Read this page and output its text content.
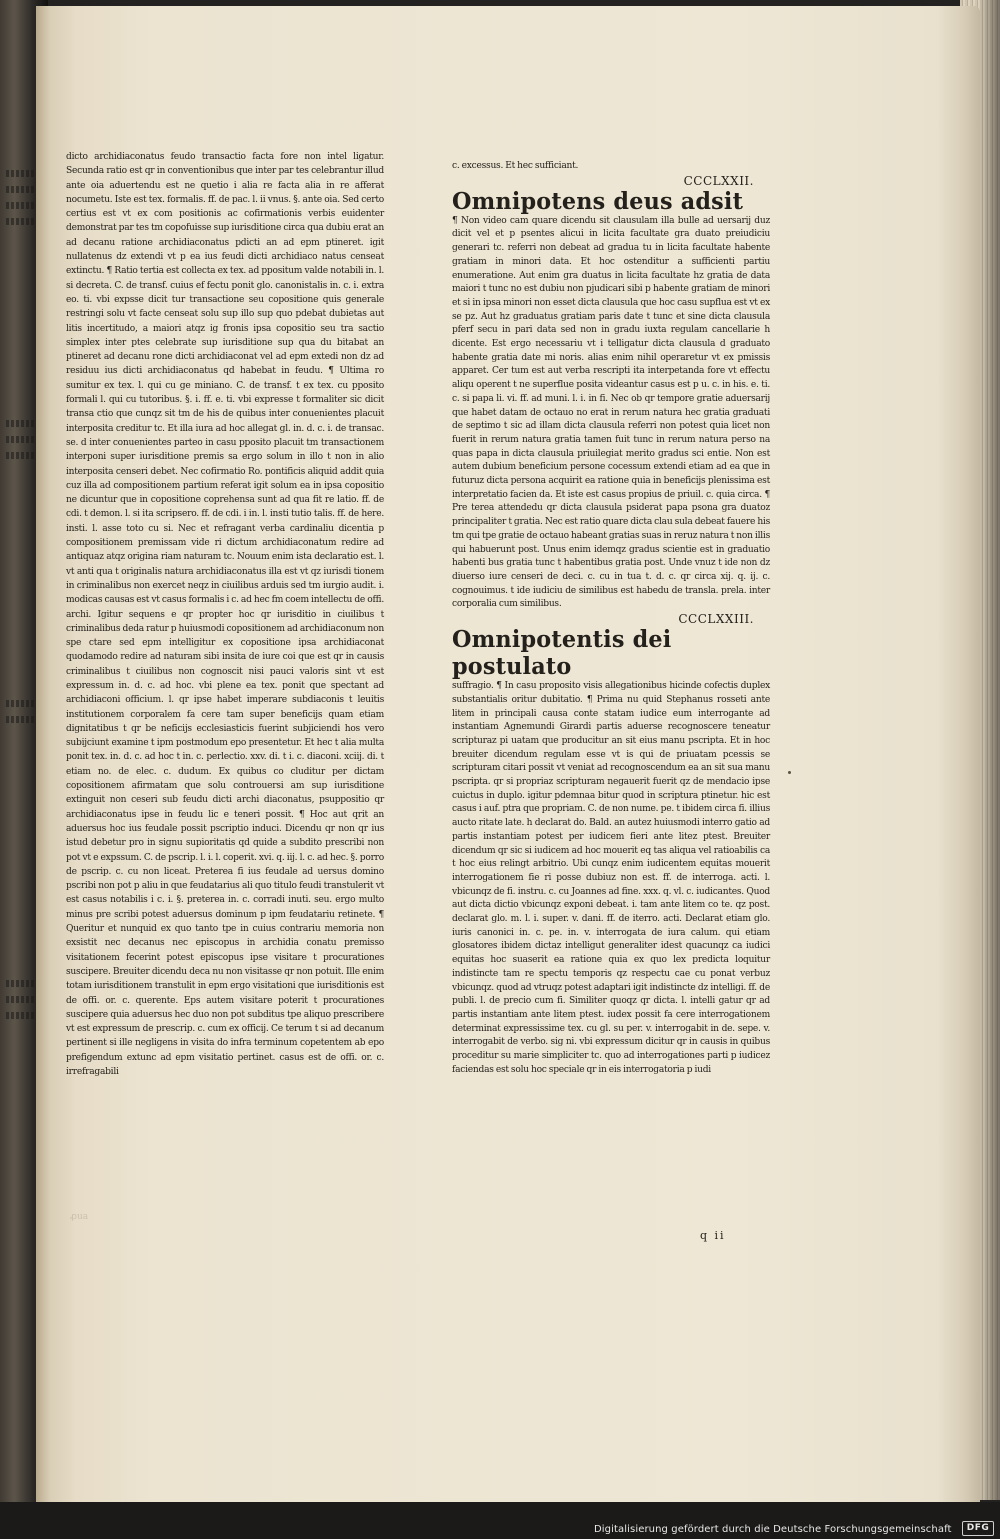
dicto archidiaconatus feudo transactio facta fore non intel ligatur. Secunda ratio est qr in conventionibus que inter par tes celebrantur illud ante oia aduertendu est ne quetio i alia re facta alia in re afferat nocumetu. Iste est tex. formalis. ff. de pac. l. ii vnus. §. ante oia. Sed certo certius est vt ex com positionis ac cofirmationis verbis euidenter demonstrat par tes tm copofuisse sup iurisditione circa qua dubiu erat an ad decanu ratione archidiaconatus pdicti an ad epm ptineret. igit nullatenus dz extendi vt p ea ius feudi dicti archidiaco natus censeat extinctu. ¶ Ratio tertia est collecta ex tex. ad ppositum valde notabili in. l. si decreta. C. de transf. cuius ef fectu ponit glo. canonistalis in. c. i. extra eo. ti. vbi expsse dicit tur transactione seu copositione quis generale restringi solu vt facte censeat solu sup illo sup quo pdebat dubietas aut litis incertitudo, a maiori atqz ig fronis ipsa copositio seu tra sactio simplex inter ptes celebrate sup iurisditione sup qua du bitabat an ptineret ad decanu rone dicti archidiaconat vel ad epm extedi non dz ad residuu ius dicti archidiaconatus qd habebat in feudu. ¶ Ultima ro sumitur ex tex. l. qui cu ge miniano. C. de transf. t ex tex. cu pposito formali l. qui cu tutoribus. §. i. ff. e. ti. vbi expresse t formaliter sic dicit transa ctio que cunqz sit tm de his de quibus inter conuenientes placuit interposita creditur tc. Et illa iura ad hoc allegat gl. in. d. c. i. de transac. se. d inter conuenientes parteo in casu pposito placuit tm transactionem interponi super iurisditione premis sa ergo solum in illo t non in alio interposita censeri debet. Nec cofirmatio Ro. pontificis aliquid addit quia cuz illa ad compositionem partium referat igit solum ea in ipsa copositio ne dicuntur que in copositione coprehensa sunt ad qua fit re latio. ff. de cdi. t demon. l. si ita scripsero. ff. de cdi. i in. l. insti tutio talis. ff. de here. insti. l. asse toto cu si. Nec et refragant verba cardinaliu dicentia p compositionem premissam vide ri dictum archidiaconatum redire ad antiquaz atqz origina riam naturam tc. Nouum enim ista declaratio est. l. vt anti qua t originalis natura archidiaconatus illa est vt qz iurisdi tionem in criminalibus non exercet neqz in ciuilibus arduis sed tm iurgio audit. i. modicas causas est vt casus formalis i c. ad hec fm coem intellectu de offi. archi. Igitur sequens e qr propter hoc qr iurisditio in ciuilibus t criminalibus deda ratur p huiusmodi copositionem ad archidiaconum non spe ctare sed epm intelligitur ex copositione ipsa archidiaconat quodamodo redire ad naturam sibi insita de iure coi que est qr in causis criminalibus t ciuilibus non cognoscit nisi pauci valoris sint vt est expressum in. d. c. ad hoc. vbi plene ea tex. ponit que spectant ad archidiaconi officium. l. qr ipse habet imperare subdiaconis t leuitis institutionem corporalem fa cere tam super beneficijs quam etiam dignitatibus t qr be neficijs ecclesiasticis fuerint subjiciendi hos vero subijciunt examine t ipm postmodum epo presentetur. Et hec t alia multa ponit tex. in. d. c. ad hoc t in. c. perlectio. xxv. di. t i. c. diaconi. xciij. di. t etiam no. de elec. c. dudum. Ex quibus co cluditur per dictam copositionem afirmatam que solu controuersi am sup iurisditione extinguit non ceseri sub feudu dicti archi diaconatus, psuppositio qr archidiaconatus ipse in feudu lic e teneri possit. ¶ Hoc aut qrit an aduersus hoc ius feudale possit pscriptio induci. Dicendu qr non qr ius istud debetur pro in signu supioritatis qd quide a subdito prescribi non pot vt e expssum. C. de pscrip. l. i. l. coperit. xvi. q. iij. l. c. ad hec. §. porro de pscrip. c. cu non liceat. Preterea fi ius feudale ad uersus domino pscribi non pot p aliu in que feudatarius ali quo titulo feudi transtulerit vt est casus notabilis i c. i. §. preterea in. c. corradi inuti. seu. ergo multo minus pre scribi potest aduersus dominum p ipm feudatariu retinete. ¶ Queritur et nunquid ex quo tanto tpe in cuius contrariu memoria non exsistit nec decanus nec episcopus in archidia conatu premisso visitationem fecerint potest episcopus ipse visitare t procurationes suscipere. Breuiter dicendu deca nu non visitasse qr non potuit. Ille enim totam iurisditionem transtulit in epm ergo visitationi que iurisditionis est de offi. or. c. querente. Eps autem visitare poterit t procurationes suscipere quia aduersus hec duo non pot subditus tpe aliquo prescribere vt est expressum de prescrip. c. cum ex officij. Ce terum t si ad decanum pertinent si ille negligens in visita do infra terminum copetentem ab epo prefigendum extunc ad epm visitatio pertinet. casus est de offi. or. c. irrefragabili

ꝓua

c. excessus. Et hec sufficiant.

CCCLXXII.
Omnipotens deus adsit

¶ Non video cam quare dicendu sit clausulam illa bulle ad uersarij duz dicit vel et p psentes alicui in licita facultate gra duato preiudiciu generari tc. referri non debeat ad gradua tu in licita facultate habente gratiam in minori data. Et hoc ostenditur a sufficienti partiu enumeratione. Aut enim gra duatus in licita facultate hz gratia de data maiori t tunc no est dubiu non pjudicari sibi p habente gratiam de minori et si in ipsa minori non esset dicta clausula que hoc casu supflua est vt ex se pz. Aut hz graduatus gratiam paris date t tunc et sine dicta clausula pferf secu in pari data sed non in gradu iuxta regulam cancellarie h dicente. Est ergo necessariu vt i telligatur dicta clausula d graduato habente gratia date mi noris. alias enim nihil operaretur vt ex pmissis apparet. Cer tum est aut verba rescripti ita interpetanda fore vt effectu aliqu operent t ne superflue posita videantur casus est p u. c. in his. e. ti. c. si papa li. vi. ff. ad muni. l. i. in fi. Nec ob qr tempore gratie aduersarij que habet datam de octauo no erat in rerum natura hec gratia graduati de septimo t sic ad illam dicta clausula referri non potest quia licet non fuerit in rerum natura gratia tamen fuit tunc in rerum natura perso na quas papa in dicta clausula priuilegiat merito gradus sci entie. Non est autem dubium beneficium persone cocessum extendi etiam ad ea que in futuruz dicta persona acquirit ea ratione quia in beneficijs plenissima est interpretatio facien da. Et iste est casus propius de priuil. c. quia circa. ¶ Pre terea attendedu qr dicta clausula psiderat papa psona gra duatoz principaliter t gratia. Nec est ratio quare dicta clau sula debeat fauere his tm qui tpe gratie de octauo habeant gratias suas in reruz natura t non illis qui habuerunt post. Unus enim idemqz gradus scientie est in graduatio habenti bus gratia tunc t habentibus gratia post. Unde vnuz t ide non dz diuerso iure censeri de deci. c. cu in tua t. d. c. qr circa xij. q. ij. c. cognouimus. t ide iudiciu de similibus est habedu de transla. prela. inter corporalia cum similibus.

CCCLXXIII.
Omnipotentis dei postulato

suffragio. ¶ In casu proposito visis allegationibus hicinde cofectis duplex substantialis oritur dubitatio. ¶ Prima nu quid Stephanus rosseti ante litem in principali causa conte statam iudice eum interrogante ad instantiam Agnemundi Girardi partis aduerse recognoscere teneatur scripturaz pi uatam que producitur an sit eius manu pscripta. Et in hoc breuiter dicendum regulam esse vt is qui de priuatam pcessis se scripturam citari possit vt veniat ad recognoscendum ea an sit sua manu pscripta. qr si propriaz scripturam negauerit fuerit qz de mendacio ipse cuictus in duplo. igitur pdemnaa bitur quod in scriptura ptinetur. hic est casus i auf. ptra que propriam. C. de non nume. pe. t ibidem circa fi. illius aucto ritate late. h declarat do. Bald. an autez huiusmodi interro gatio ad partis instantiam potest per iudicem fieri ante litez ptest. Breuiter dicendum qr sic si iudicem ad hoc mouerit eq tas aliqua vel ratioabilis ca t hoc eius relingt arbitrio. Ubi cunqz enim iudicentem equitas mouerit interrogationem fie ri posse dubiuz non est. ff. de interroga. acti. l. vbicunqz de fi. instru. c. cu Joannes ad fine. xxx. q. vl. c. iudicantes. Quod aut dicta dictio vbicunqz exponi debeat. i. tam ante litem co te. qz post. declarat glo. m. l. i. super. v. dani. ff. de iterro. acti. Declarat etiam glo. iuris canonici in. c. pe. in. v. interrogata de iura calum. qui etiam glosatores ibidem dictaz intelligut generaliter idest quacunqz ca iudici equitas hoc suaserit ea ratione quia ex quo lex predicta loquitur indistincte tam re spectu temporis qz respectu cae cu ponat verbuz vbicunqz. quod ad vtruqz potest adaptari igit indistincte dz intelligi. ff. de publi. l. de precio cum fi. Similiter quoqz qr dicta. l. intelli gatur qr ad partis instantiam ante litem ptest. iudex possit fa cere interrogationem determinat expressissime tex. cu gl. su per. v. interrogabit in de. sepe. v. interrogabit de verbo. sig ni. vbi expressum dicitur qr in causis in quibus proceditur su marie simpliciter tc. quo ad interrogationes parti p iudicez faciendas est solu hoc speciale qr in eis interrogatoria p iudi

q ii
Digitalisierung gefördert durch die Deutsche Forschungsgemeinschaft	DFG
